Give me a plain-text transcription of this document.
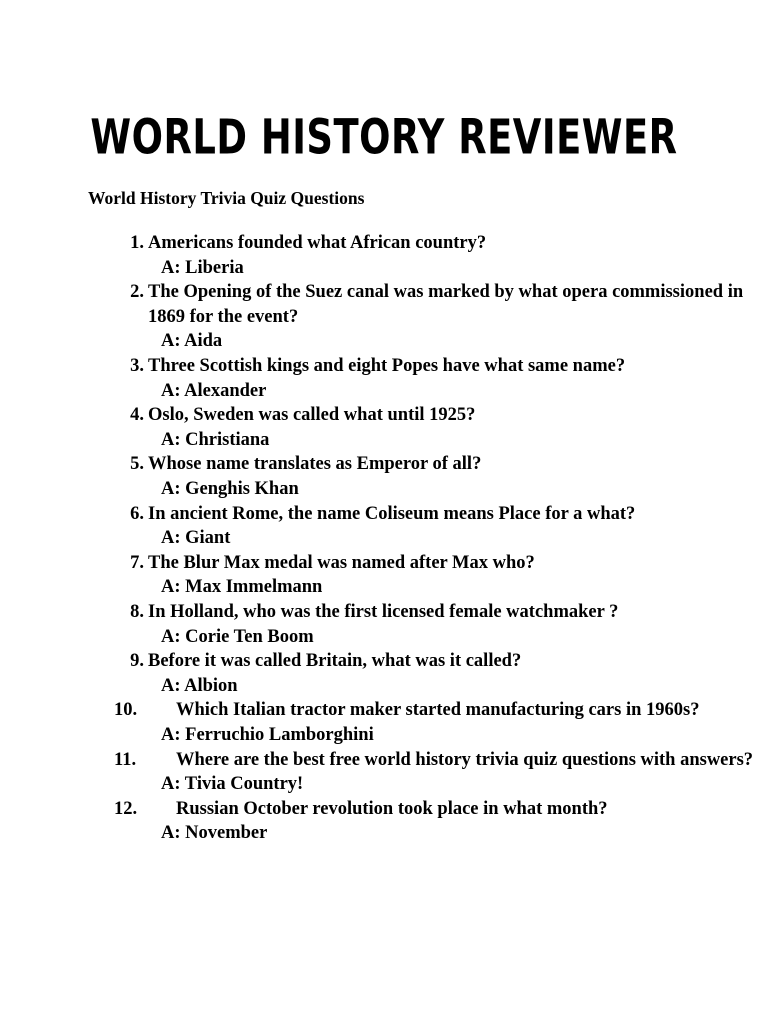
WORLD HISTORY REVIEWER

World History Trivia Quiz Questions

1. Americans founded what African country?
A: Liberia
2. The Opening of the Suez canal was marked by what opera commissioned in 1869 for the event?
A: Aida
3. Three Scottish kings and eight Popes have what same name?
A: Alexander
4. Oslo, Sweden was called what until 1925?
A: Christiana
5. Whose name translates as Emperor of all?
A: Genghis Khan
6. In ancient Rome, the name Coliseum means Place for a what?
A: Giant
7. The Blur Max medal was named after Max who?
A: Max Immelmann
8. In Holland, who was the first licensed female watchmaker ?
A: Corie Ten Boom
9. Before it was called Britain, what was it called?
A: Albion
10.	Which Italian tractor maker started manufacturing cars in 1960s?
A: Ferruchio Lamborghini
11.	Where are the best free world history trivia quiz questions with answers?
A: Tivia Country!
12.	Russian October revolution took place in what month?
A: November
